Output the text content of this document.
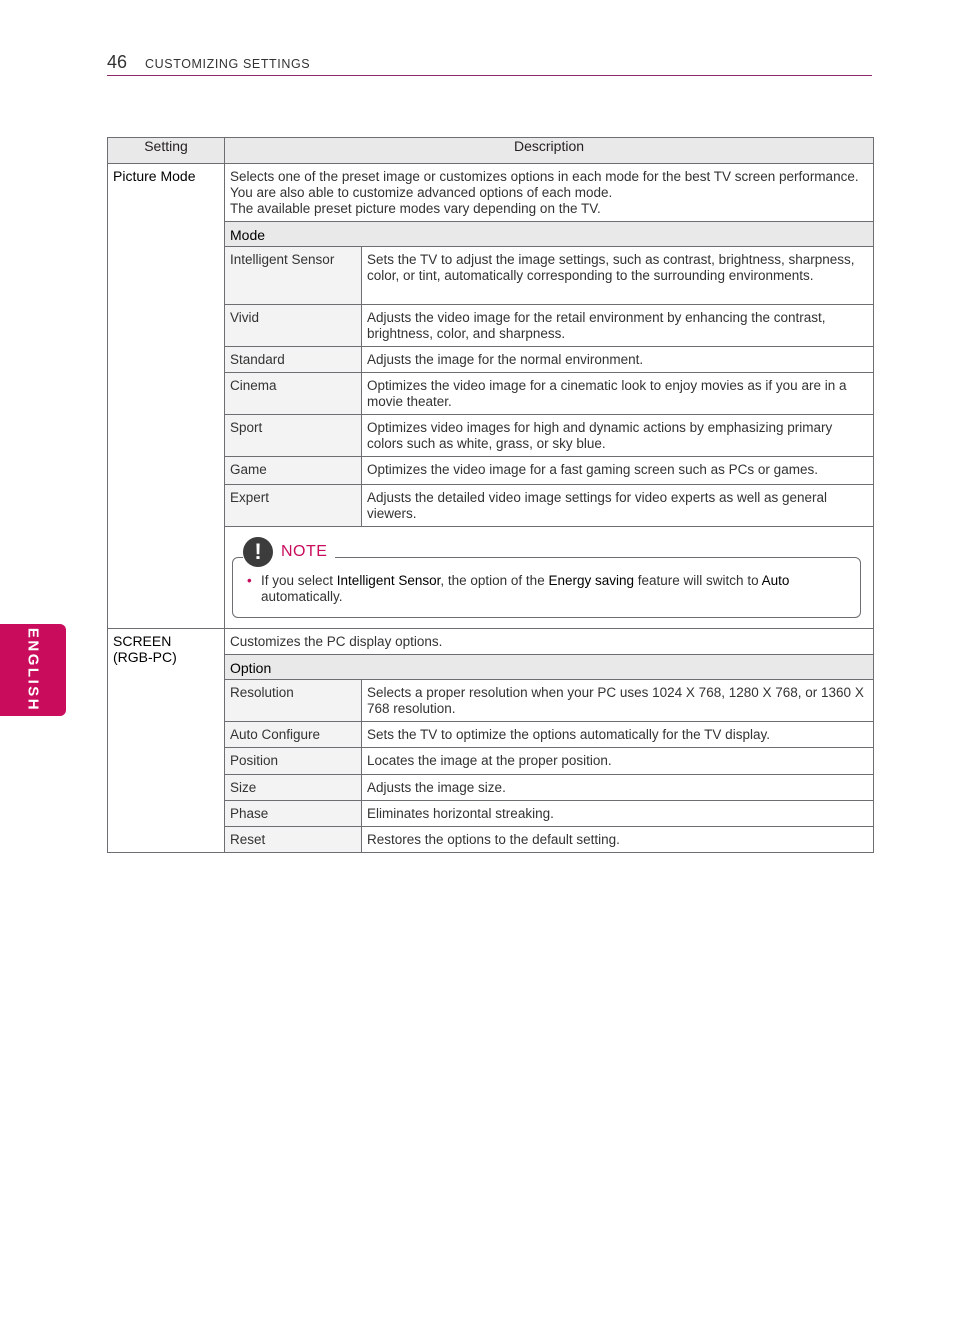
46 CUSTOMIZING SETTINGS
ENGLISH
Setting	Description	
Picture Mode	Selects one of the preset image or customizes options in each mode for the best TV screen performance. You are also able to customize advanced options of each mode.
The available preset picture modes vary depending on the TV.	

	Mode	
	Intelligent Sensor	Sets the TV to adjust the image settings, such as contrast, brightness, sharpness, color, or tint, automatically corresponding to the surrounding environments.
	Vivid	Adjusts the video image for the retail environment by enhancing the contrast, brightness, color, and sharpness.
	Standard	Adjusts the image for the normal environment.
	Cinema	Optimizes the video image for a cinematic look to enjoy movies as if you are in a movie theater.
	Sport	Optimizes video images for high and dynamic actions by emphasizing primary colors such as white, grass, or sky blue.
	Game	Optimizes the video image for a fast gaming screen such as PCs or games.
	Expert	Adjusts the detailed video image settings for video experts as well as general viewers.

	! NOTE
• If you select Intelligent Sensor, the option of the Energy saving feature will switch to Auto automatically.	

SCREEN
(RGB-PC)	Customizes the PC display options.	
	Option	
	Resolution	Selects a proper resolution when your PC uses 1024 X 768, 1280 X 768, or 1360 X 768 resolution.
	Auto Configure	Sets the TV to optimize the options automatically for the TV display.
	Position	Locates the image at the proper position.
	Size	Adjusts the image size.
	Phase	Eliminates horizontal streaking.
	Reset	Restores the options to the default setting.
